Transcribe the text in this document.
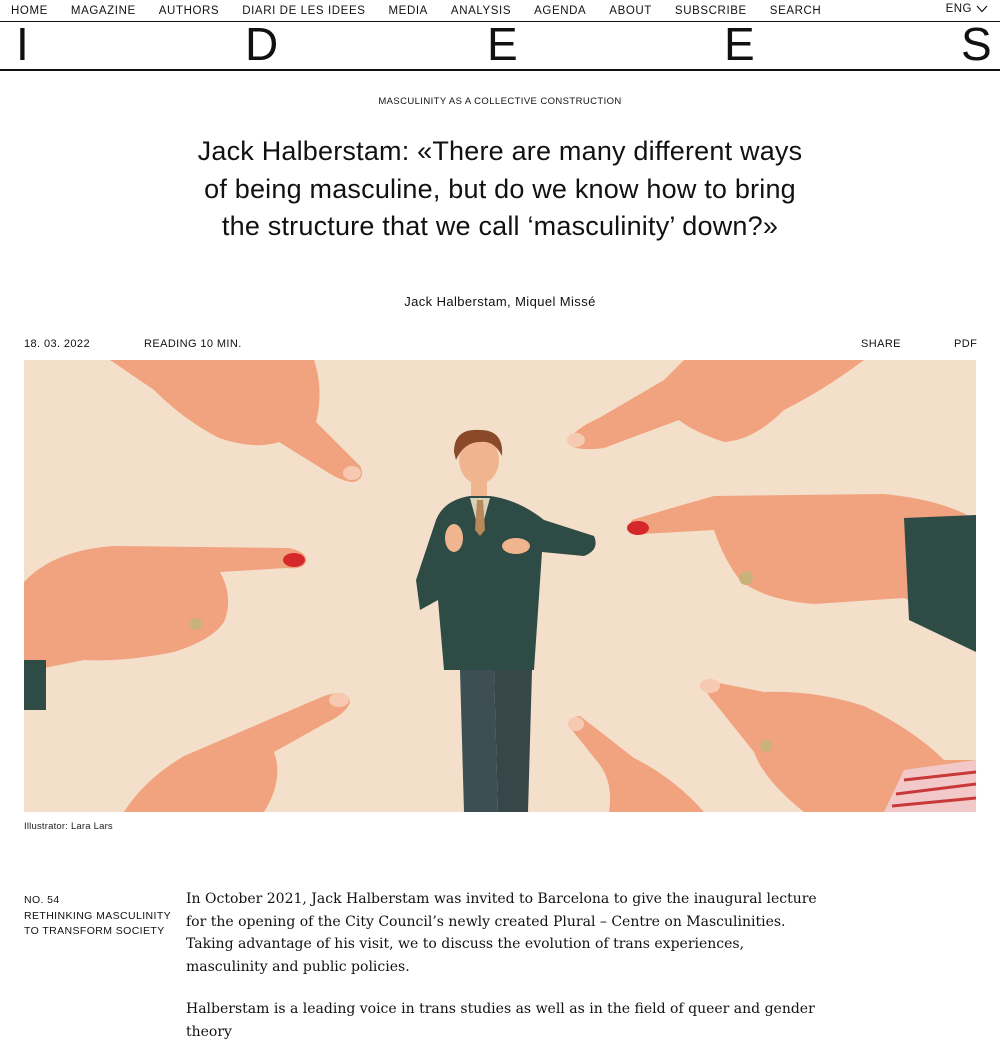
HOME MAGAZINE AUTHORS DIARI DE LES IDEES MEDIA ANALYSIS AGENDA ABOUT SUBSCRIBE SEARCH	ENG
I	D	E	E	S
MASCULINITY AS A COLLECTIVE CONSTRUCTION
Jack Halberstam: «There are many different ways of being masculine, but do we know how to bring the structure that we call ‘masculinity’ down?»
Jack Halberstam, Miquel Missé
18. 03. 2022	READING 10 MIN.	SHARE	PDF
Illustrator: Lara Lars
NO. 54
RETHINKING MASCULINITY
TO TRANSFORM SOCIETY

In October 2021, Jack Halberstam was invited to Barcelona to give the inaugural lecture for the opening of the City Council’s newly created Plural – Centre on Masculinities. Taking advantage of his visit, we to discuss the evolution of trans experiences, masculinity and public policies.

Halberstam is a leading voice in trans studies as well as in the field of queer and gender theory
